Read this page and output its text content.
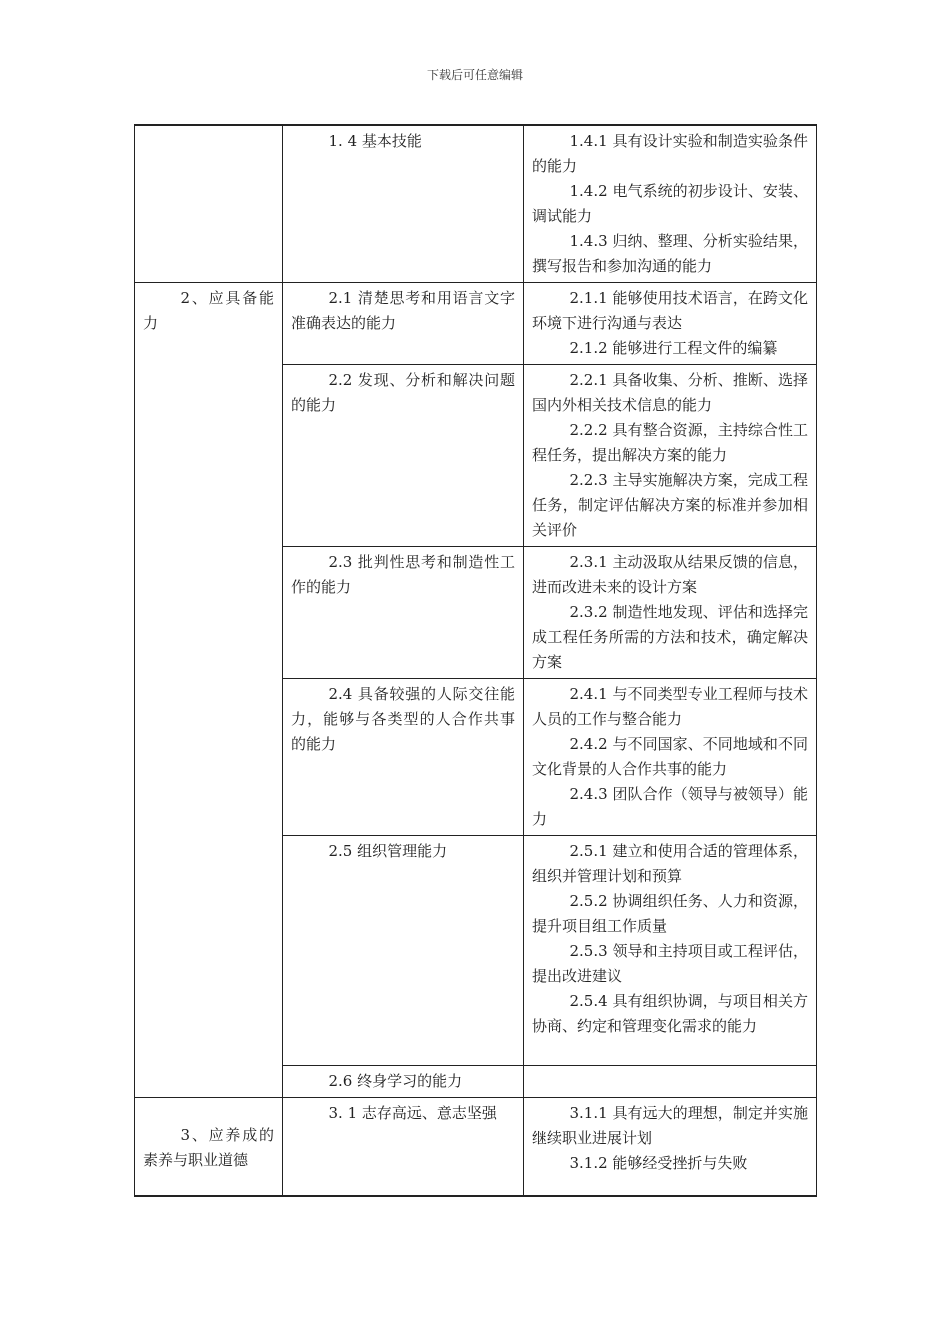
下载后可任意编辑

	1. 4 基本技能	1.4.1 具有设计实验和制造实验条件的能力
1.4.2 电气系统的初步设计、安装、调试能力
1.4.3 归纳、整理、分析实验结果，撰写报告和参加沟通的能力

2、应具备能力	2.1 清楚思考和用语言文字准确表达的能力	2.1.1 能够使用技术语言，在跨文化环境下进行沟通与表达
2.1.2 能够进行工程文件的编纂

	2.2 发现、分析和解决问题的能力	2.2.1 具备收集、分析、推断、选择国内外相关技术信息的能力
2.2.2 具有整合资源，主持综合性工程任务，提出解决方案的能力
2.2.3 主导实施解决方案，完成工程任务，制定评估解决方案的标准并参加相关评价

	2.3 批判性思考和制造性工作的能力	2.3.1 主动汲取从结果反馈的信息，进而改进未来的设计方案
2.3.2 制造性地发现、评估和选择完成工程任务所需的方法和技术，确定解决方案

	2.4 具备较强的人际交往能力，能够与各类型的人合作共事的能力	2.4.1 与不同类型专业工程师与技术人员的工作与整合能力
2.4.2 与不同国家、不同地域和不同文化背景的人合作共事的能力
2.4.3 团队合作（领导与被领导）能力

	2.5 组织管理能力	2.5.1 建立和使用合适的管理体系，组织并管理计划和预算
2.5.2 协调组织任务、人力和资源，提升项目组工作质量
2.5.3 领导和主持项目或工程评估，提出改进建议
2.5.4 具有组织协调，与项目相关方协商、约定和管理变化需求的能力

	2.6 终身学习的能力	

3、应养成的素养与职业道德	3. 1 志存高远、意志坚强	3.1.1 具有远大的理想，制定并实施继续职业进展计划
3.1.2 能够经受挫折与失败
